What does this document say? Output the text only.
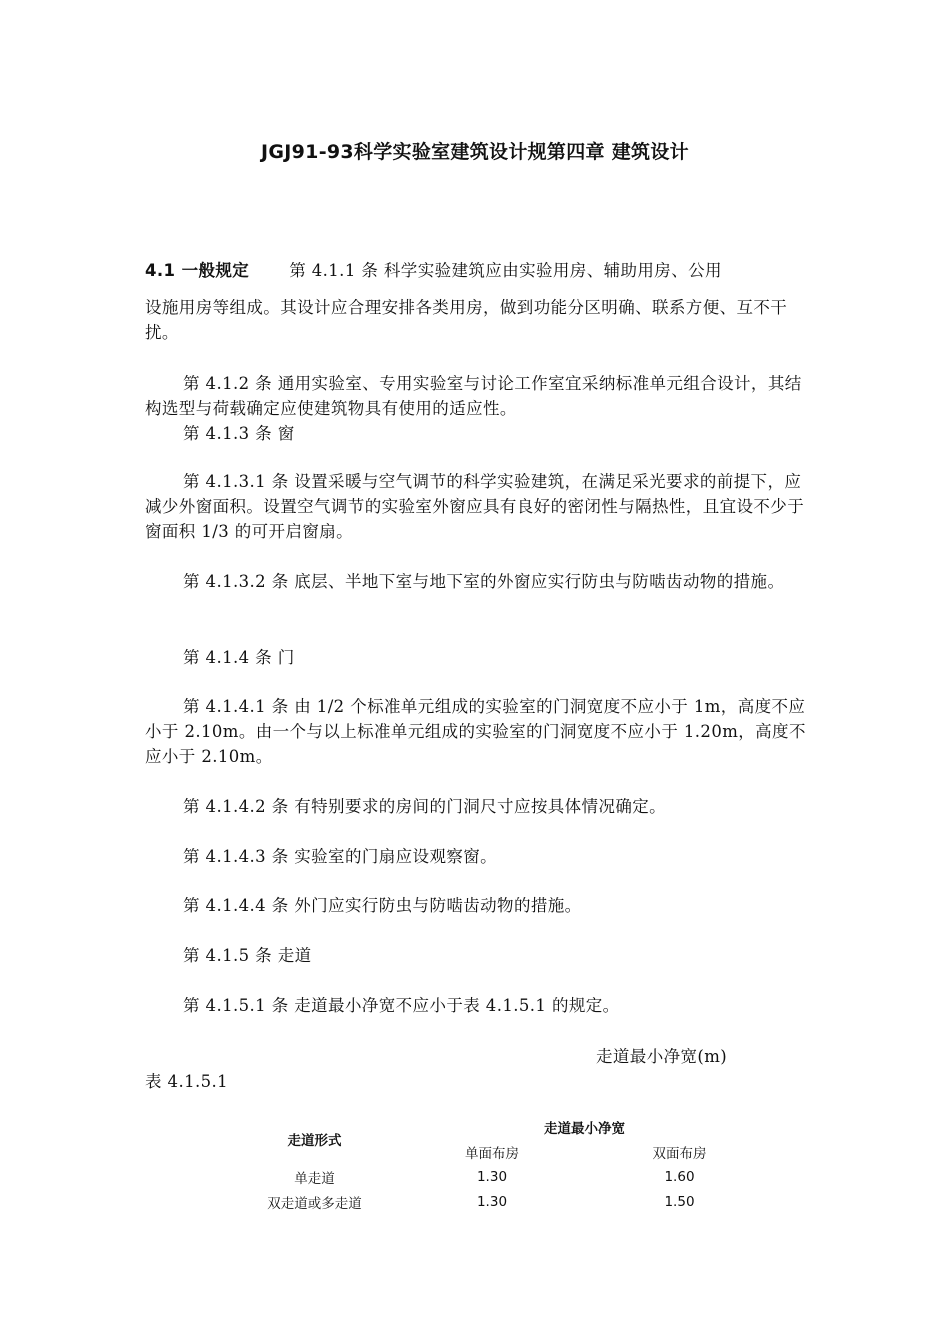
JGJ91-93科学实验室建筑设计规第四章 建筑设计
4.1 一般规定 第 4.1.1 条 科学实验建筑应由实验用房、辅助用房、公用
设施用房等组成。其设计应合理安排各类用房，做到功能分区明确、联系方便、互不干扰。
第 4.1.2 条 通用实验室、专用实验室与讨论工作室宜采纳标准单元组合设计，其结构选型与荷载确定应使建筑物具有使用的适应性。
第 4.1.3 条 窗
第 4.1.3.1 条 设置采暖与空气调节的科学实验建筑，在满足采光要求的前提下，应减少外窗面积。设置空气调节的实验室外窗应具有良好的密闭性与隔热性，且宜设不少于窗面积 1/3 的可开启窗扇。
第 4.1.3.2 条 底层、半地下室与地下室的外窗应实行防虫与防啮齿动物的措施。
第 4.1.4 条 门
第 4.1.4.1 条 由 1/2 个标准单元组成的实验室的门洞宽度不应小于 1m，高度不应小于 2.10m。由一个与以上标准单元组成的实验室的门洞宽度不应小于 1.20m，高度不应小于 2.10m。
第 4.1.4.2 条 有特别要求的房间的门洞尺寸应按具体情况确定。
第 4.1.4.3 条 实验室的门扇应设观察窗。
第 4.1.4.4 条 外门应实行防虫与防啮齿动物的措施。
第 4.1.5 条 走道
第 4.1.5.1 条 走道最小净宽不应小于表 4.1.5.1 的规定。
走道最小净宽(m)
表 4.1.5.1
走道形式	走道最小净宽	
	单面布房	双面布房
单走道	1.30	1.60
双走道或多走道	1.30	1.50
